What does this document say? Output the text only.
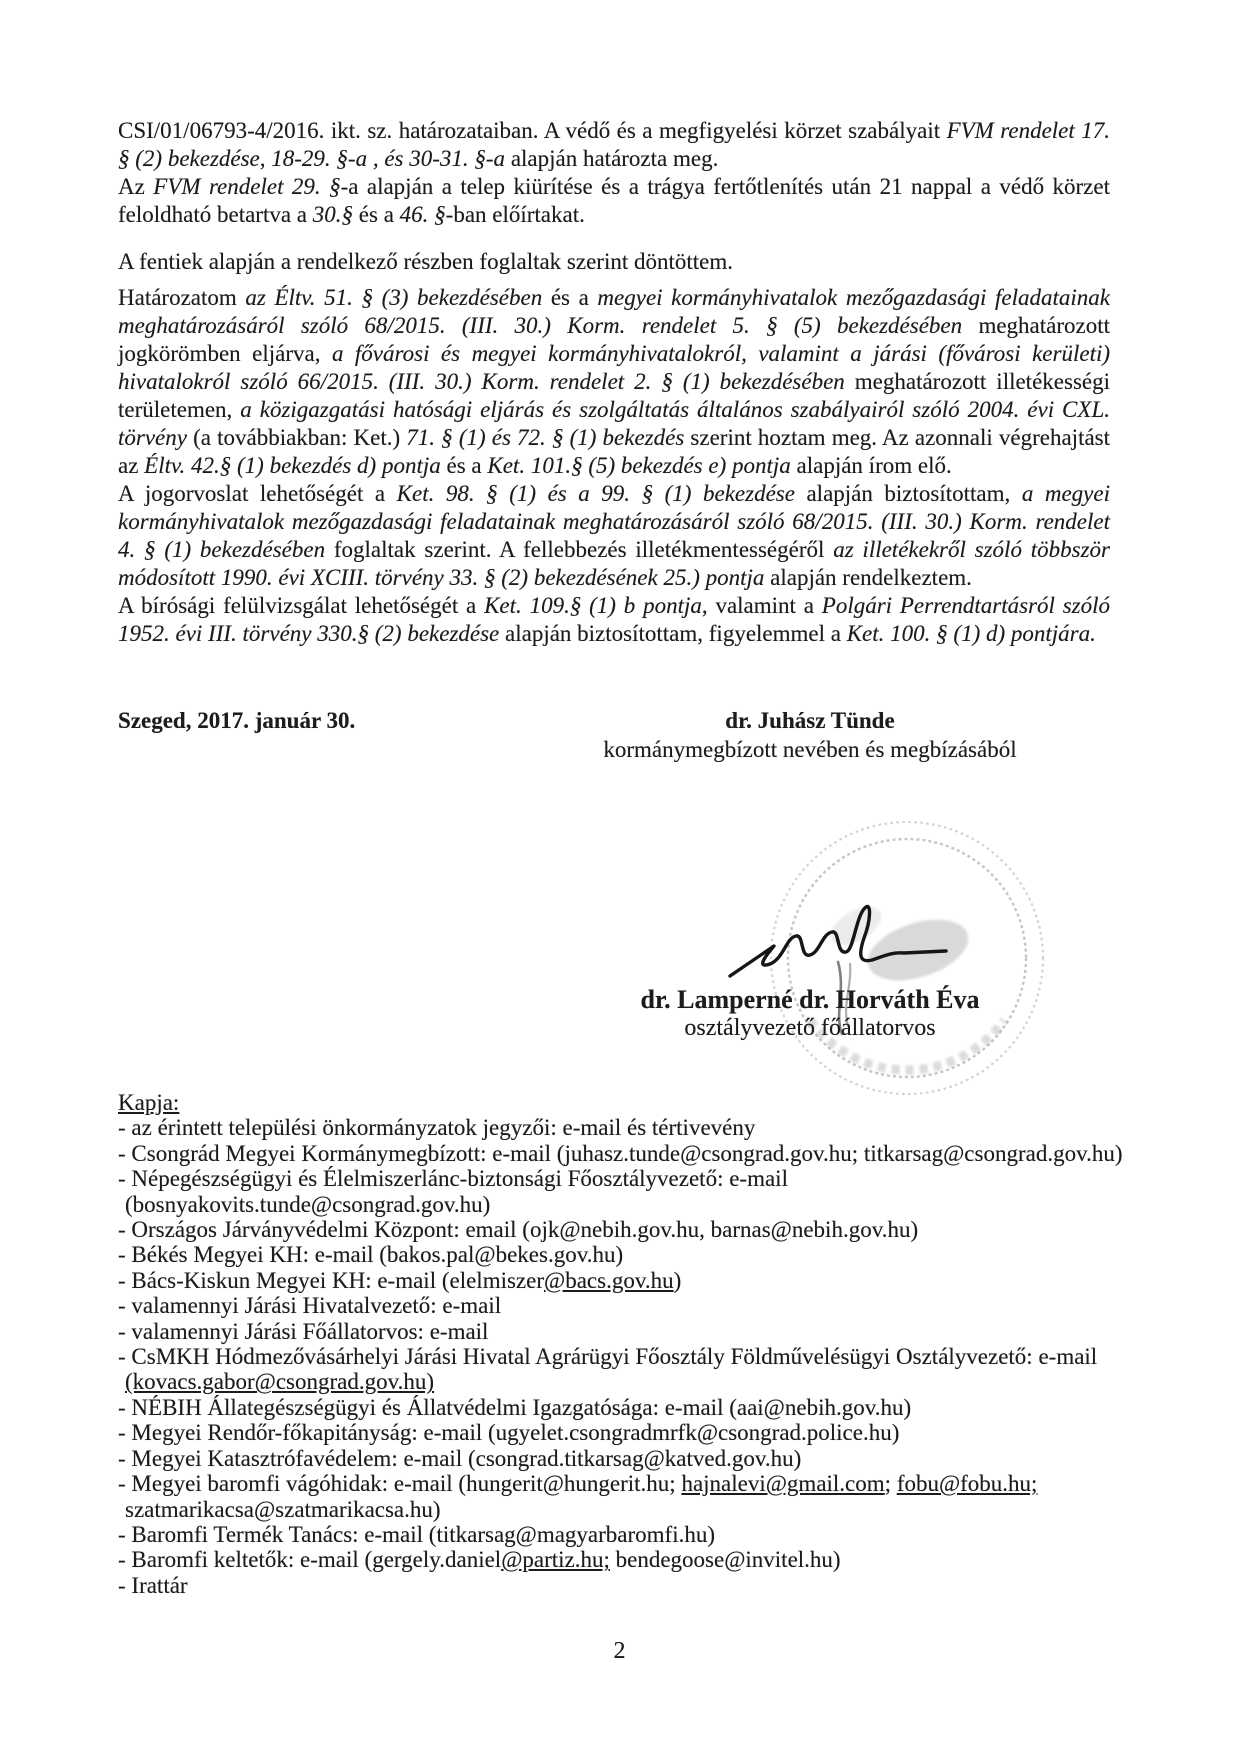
CSI/01/06793-4/2016. ikt. sz. határozataiban. A védő és a megfigyelési körzet szabályait FVM rendelet 17. § (2) bekezdése, 18-29. §-a , és 30-31. §-a alapján határozta meg.
Az FVM rendelet 29. §-a alapján a telep kiürítése és a trágya fertőtlenítés után 21 nappal a védő körzet feloldható betartva a 30.§ és a 46. §-ban előírtakat.
A fentiek alapján a rendelkező részben foglaltak szerint döntöttem.
Határozatom az Éltv. 51. § (3) bekezdésében és a megyei kormányhivatalok mezőgazdasági feladatainak meghatározásáról szóló 68/2015. (III. 30.) Korm. rendelet 5. § (5) bekezdésében meghatározott jogkörömben eljárva, a fővárosi és megyei kormányhivatalokról, valamint a járási (fővárosi kerületi) hivatalokról szóló 66/2015. (III. 30.) Korm. rendelet 2. § (1) bekezdésében meghatározott illetékességi területemen, a közigazgatási hatósági eljárás és szolgáltatás általános szabályairól szóló 2004. évi CXL. törvény (a továbbiakban: Ket.) 71. § (1) és 72. § (1) bekezdés szerint hoztam meg. Az azonnali végrehajtást az Éltv. 42.§ (1) bekezdés d) pontja és a Ket. 101.§ (5) bekezdés e) pontja alapján írom elő.
A jogorvoslat lehetőségét a Ket. 98. § (1) és a 99. § (1) bekezdése alapján biztosítottam, a megyei kormányhivatalok mezőgazdasági feladatainak meghatározásáról szóló 68/2015. (III. 30.) Korm. rendelet 4. § (1) bekezdésében foglaltak szerint. A fellebbezés illetékmentességéről az illetékekről szóló többször módosított 1990. évi XCIII. törvény 33. § (2) bekezdésének 25.) pontja alapján rendelkeztem.
A bírósági felülvizsgálat lehetőségét a Ket. 109.§ (1) b pontja, valamint a Polgári Perrendtartásról szóló 1952. évi III. törvény 330.§ (2) bekezdése alapján biztosítottam, figyelemmel a Ket. 100. § (1) d) pontjára.
Szeged, 2017. január 30.	dr. Juhász Tünde
kormánymegbízott nevében és megbízásából
dr. Lamperné dr. Horváth Éva
osztályvezető főállatorvos
Kapja:
- az érintett települési önkormányzatok jegyzői: e-mail és tértivevény
- Csongrád Megyei Kormánymegbízott: e-mail (juhasz.tunde@csongrad.gov.hu; titkarsag@csongrad.gov.hu)
- Népegészségügyi és Élelmiszerlánc-biztonsági Főosztályvezető: e-mail
(bosnyakovits.tunde@csongrad.gov.hu)
- Országos Járványvédelmi Központ: email (ojk@nebih.gov.hu, barnas@nebih.gov.hu)
- Békés Megyei KH: e-mail (bakos.pal@bekes.gov.hu)
- Bács-Kiskun Megyei KH: e-mail (elelmiszer@bacs.gov.hu)
- valamennyi Járási Hivatalvezető: e-mail
- valamennyi Járási Főállatorvos: e-mail
- CsMKH Hódmezővásárhelyi Járási Hivatal Agrárügyi Főosztály Földművelésügyi Osztályvezető: e-mail
(kovacs.gabor@csongrad.gov.hu)
- NÉBIH Állategészségügyi és Állatvédelmi Igazgatósága: e-mail (aai@nebih.gov.hu)
- Megyei Rendőr-főkapitányság: e-mail (ugyelet.csongradmrfk@csongrad.police.hu)
- Megyei Katasztrófavédelem: e-mail (csongrad.titkarsag@katved.gov.hu)
- Megyei baromfi vágóhidak: e-mail (hungerit@hungerit.hu; hajnalevi@gmail.com; fobu@fobu.hu;
szatmarikacsa@szatmarikacsa.hu)
- Baromfi Termék Tanács: e-mail (titkarsag@magyarbaromfi.hu)
- Baromfi keltetők: e-mail (gergely.daniel@partiz.hu; bendegoose@invitel.hu)
- Irattár
2
